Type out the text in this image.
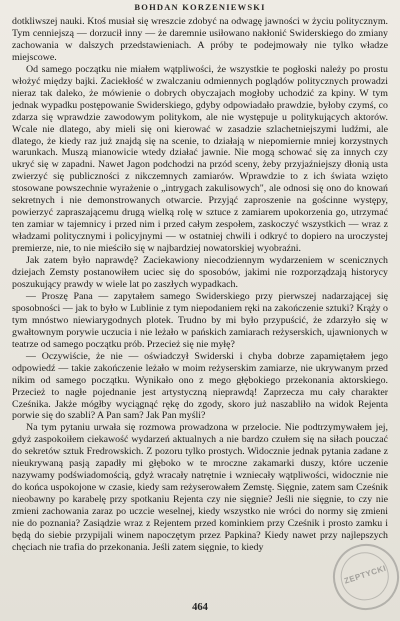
BOHDAN KORZENIEWSKI

dotkliwszej nauki. Ktoś musiał się wreszcie zdobyć na odwagę jawności w życiu politycznym. Tym cenniejszą — dorzucił inny — że daremnie usiłowano nakłonić Swiderskiego do zmiany zachowania w dalszych przedstawieniach. A próby te podejmowały nie tylko władze miejscowe.

Od samego początku nie miałem wątpliwości, że wszystkie te pogłoski należy po prostu włożyć między bajki. Zaciekłość w zwalczaniu odmiennych poglądów politycznych prowadzi nieraz tak daleko, że mówienie o dobrych obyczajach mogłoby uchodzić za kpiny. W tym jednak wypadku postępowanie Swiderskiego, gdyby odpowiadało prawdzie, byłoby czymś, co zdarza się wprawdzie zawodowym politykom, ale nie występuje u politykujących aktorów. Wcale nie dlatego, aby mieli się oni kierować w zasadzie szlachetniejszymi ludźmi, ale dlatego, że kiedy raz już znajdą się na scenie, to działają w niepomiernie mniej korzystnych warunkach. Muszą mianowicie wtedy działać jawnie. Nie mogą schować się za innych czy ukryć się w zapadni. Nawet Jagon podchodzi na przód sceny, żeby przyjaźniejszy dłonią usta zwierzyć się publiczności z nikczemnych zamiarów. Wprawdzie to z ich świata wzięto stosowane powszechnie wyrażenie o „intrygach zakulisowych", ale odnosi się ono do knowań sekretnych i nie demonstrowanych otwarcie. Przyjąć zaproszenie na gościnne występy, powierzyć zapraszającemu drugą wielką rolę w sztuce z zamiarem upokorzenia go, utrzymać ten zamiar w tajemnicy i przed nim i przed całym zespołem, zaskoczyć wszystkich — wraz z władzami politycznymi i policyjnymi — w ostatniej chwili i odkryć to dopiero na uroczystej premierze, nie, to nie mieściło się w najbardziej nowatorskiej wyobraźni.

Jak zatem było naprawdę? Zaciekawiony niecodziennym wydarzeniem w scenicznych dziejach Zemsty postanowiłem uciec się do sposobów, jakimi nie rozporządzają historycy poszukujący prawdy w wiele lat po zaszłych wypadkach.

— Proszę Pana — zapytałem samego Swiderskiego przy pierwszej nadarzającej się sposobności — jak to było w Lublinie z tym niepodaniem ręki na zakończenie sztuki? Krąży o tym mnóstwo niewiarygodnych plotek. Trudno by mi było przypuścić, że zdarzyło się w gwałtownym porywie uczucia i nie leżało w pańskich zamiarach reżyserskich, ujawnionych w teatrze od samego początku prób. Przecież się nie myłę?

— Oczywiście, że nie — oświadczył Swiderski i chyba dobrze zapamiętałem jego odpowiedź — takie zakończenie leżało w moim reżyserskim zamiarze, nie ukrywanym przed nikim od samego początku. Wynikało ono z mego głębokiego przekonania aktorskiego. Przecież to nagłe pojednanie jest artystyczną nieprawdą! Zaprzecza mu cały charakter Cześnika. Jakże mógłby wyciągnąć rękę do zgody, skoro już naszabliło na widok Rejenta porwie się do szabli? A Pan sam? Jak Pan myśli?

Na tym pytaniu urwała się rozmowa prowadzona w przelocie. Nie podtrzymywałem jej, gdyż zaspokoiłem ciekawość wydarzeń aktualnych a nie bardzo czułem się na siłach pouczać do sekretów sztuk Fredrowskich. Z pozoru tylko prostych. Widocznie jednak pytania zadane z nieukrywaną pasją zapadły mi głęboko w te mroczne zakamarki duszy, które uczenie nazywamy podświadomością, gdyż wracały natrętnie i wzniecały wątpliwości, widocznie nie do końca uspokojone w czasie, kiedy sam reżyserowałem Zemstę. Sięgnie, zatem sam Cześnik nieobawny po karabelę przy spotkaniu Rejenta czy nie sięgnie? Jeśli nie sięgnie, to czy nie zmieni zachowania zaraz po uczcie weselnej, kiedy wszystko nie wróci do normy się zmieni nie do poznania? Zasiądzie wraz z Rejentem przed kominkiem przy Cześnik i prosto zamku i będą do siebie przypijali winem napoczętym przez Papkina? Kiedy nawet przy najlepszych chęciach nie trafia do przekonania. Jeśli zatem sięgnie, to kiedy

ZEPTYCKI
464
